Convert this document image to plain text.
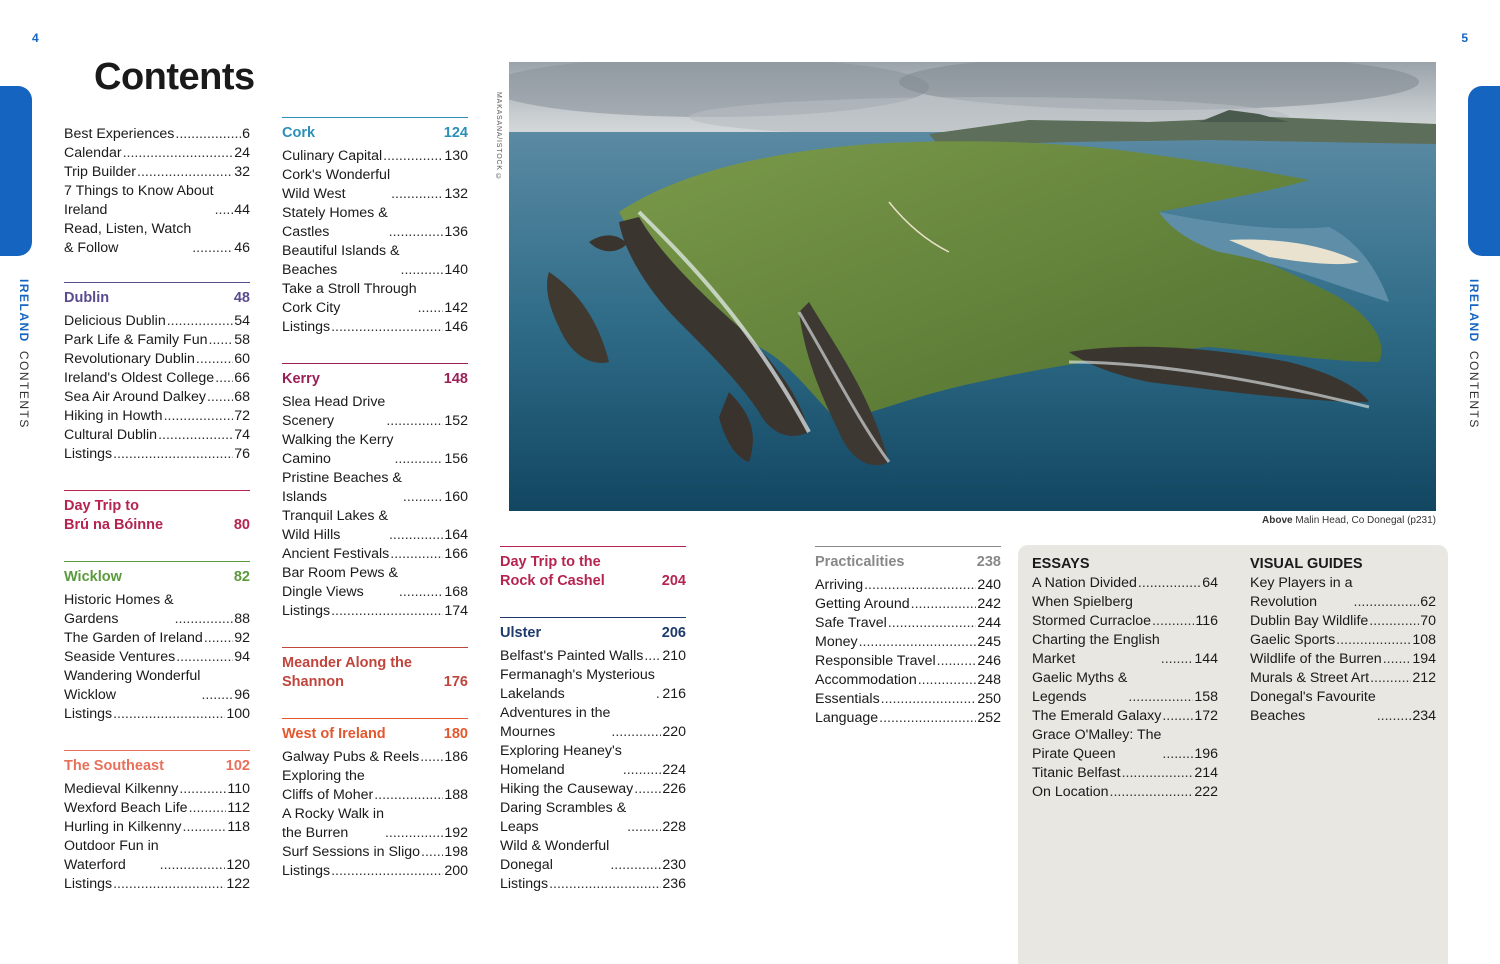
4	5
IRELANDCONTENTS
IRELANDCONTENTS
Contents
Best Experiences .....	6
Calendar .....	24
Trip Builder .....	32
7 Things to Know About
Ireland .....	44
Read, Listen, Watch
& Follow .....	46
Dublin	48
Delicious Dublin .....	54
Park Life & Family Fun ..... 58
Revolutionary Dublin .....	60
Ireland's Oldest College ..... 66
Sea Air Around Dalkey ..... 68
Hiking in Howth .....	72
Cultural Dublin .....	74
Listings .....	76
Day Trip to
Brú na Bóinne	80
Wicklow	82
Historic Homes &
Gardens .....	88
The Garden of Ireland ..... 92
Seaside Ventures .....	94
Wandering Wonderful
Wicklow .....	96
Listings .....	100
The Southeast	102
Medieval Kilkenny .....	110
Wexford Beach Life .....	112
Hurling in Kilkenny .....	118
Outdoor Fun in
Waterford .....	120
Listings .....	122
Cork	124
Culinary Capital .....	130
Cork's Wonderful
Wild West .....	132
Stately Homes &
Castles .....	136
Beautiful Islands &
Beaches .....	140
Take a Stroll Through
Cork City .....	142
Listings .....	146
Kerry	148
Slea Head Drive
Scenery .....	152
Walking the Kerry
Camino .....	156
Pristine Beaches &
Islands .....	160
Tranquil Lakes &
Wild Hills .....	164
Ancient Festivals .....	166
Bar Room Pews &
Dingle Views .....	168
Listings .....	174
Meander Along the
Shannon	176
West of Ireland	180
Galway Pubs & Reels ..... 186
Exploring the
Cliffs of Moher .....	188
A Rocky Walk in
the Burren .....	192
Surf Sessions in Sligo ..... 198
Listings .....	200
Day Trip to the
Rock of Cashel	204
Ulster	206
Belfast's Painted Walls ..... 210
Fermanagh's Mysterious
Lakelands .....	216
Adventures in the
Mournes .....	220
Exploring Heaney's
Homeland .....	224
Hiking the Causeway ..... 226
Daring Scrambles &
Leaps .....	228
Wild & Wonderful
Donegal .....	230
Listings .....	236
Practicalities	238
Arriving .....	240
Getting Around .....	242
Safe Travel .....	244
Money .....	245
Responsible Travel .....	246
Accommodation .....	248
Essentials .....	250
Language .....	252
MAKASANA/ISTOCK ©
Above Malin Head, Co Donegal (p231)
ESSAYS
A Nation Divided .....	64
When Spielberg
Stormed Curracloe .....	116
Charting the English
Market .....	144
Gaelic Myths &
Legends .....	158
The Emerald Galaxy ..... 172
Grace O'Malley: The
Pirate Queen .....	196
Titanic Belfast .....	214
On Location .....	222
VISUAL GUIDES
Key Players in a
Revolution .....	62
Dublin Bay Wildlife .....	70
Gaelic Sports .....	108
Wildlife of the Burren ..... 194
Murals & Street Art .....	212
Donegal's Favourite
Beaches .....	234
